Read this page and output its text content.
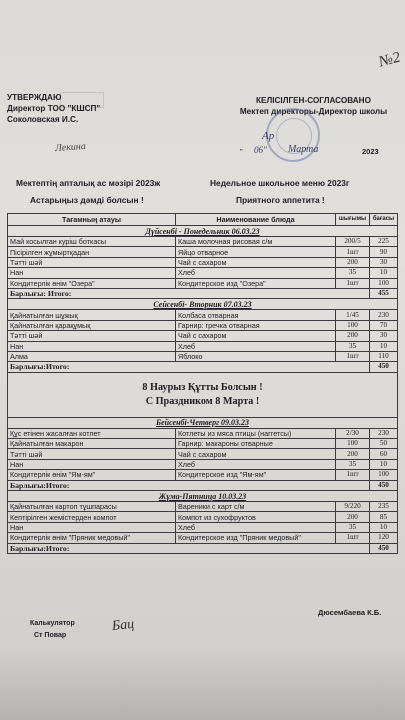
№2
УТВЕРЖДАЮ
Директор ТОО "КШСП"
Соколовская И.С.
Лекина
КЕЛІСІЛГЕН-СОГЛАСОВАНО
Мектеп директоры-Директор школы
Ар
" 06" Марта	2023
Мектептің апталық ас мәзірі 2023ж	Недельное школьное меню 2023г
Астарыңыз дәмді болсын !	Приятного аппетита !
Тағамның атауы	Наименование блюда	шығымы	бағасы
Дүйсенбі - Понедельник 06.03.23			
Май косылган куріш боткасы	Каша молочная рисовая с/м	200/5	225
Пісірілген жұмыртқадан	Яйцо отварное	1шт	90
Тәтті шәй	Чай с сахаром	200	30
Нан	Хлеб	35	10
Кондитерлік өнім "Озера"	Кондитерское изд "Озера"	1шт	100
Барлығы: Итого:			455
Сейсенбі- Вторник 07.03.23			
Қайнатылған шұжық	Колбаса отварная	1/45	230
Қайнатылған қарақұмық	Гарнир: гречка отварная	100	70
Тәтті шәй	Чай с сахаром	200	30
Нан	Хлеб	35	10
Алма	Яблоко	1шт	110
Барлығы:Итого:			450

8 Наурыз Құтты Болсын !			
С Праздником 8 Марта !			

Бейсенбі-Четверг 09.03.23			
Құс етінен жасалған котлет	Котлеты из мяса птицы (наггетсы)	2/30	230
Қайнатылған макарон	Гарнир: макароны отварные	100	50
Тәтті шәй	Чай с сахаром	200	60
Нан	Хлеб	35	10
Кондитерлік өнім "Ям-ям"	Кондитерское изд "Ям-ям"	1шт	100
Барлығы:Итого:			450
Жұма-Пятница 10.03.23			
Қайнатылған картоп тұшпарасы	Вареники с карт с/м	9/220	235
Кептірілген жемістерден компот	Компот из сухофруктов	200	85
Нан	Хлеб	35	10
Кондитерлік өнім "Пряник медовый"	Кондитерское изд "Пряник медовый"	1шт	120
Барлығы:Итого:			450
Калькулятор
Ст Повар
Бац
Дюсембаева К.Б.
